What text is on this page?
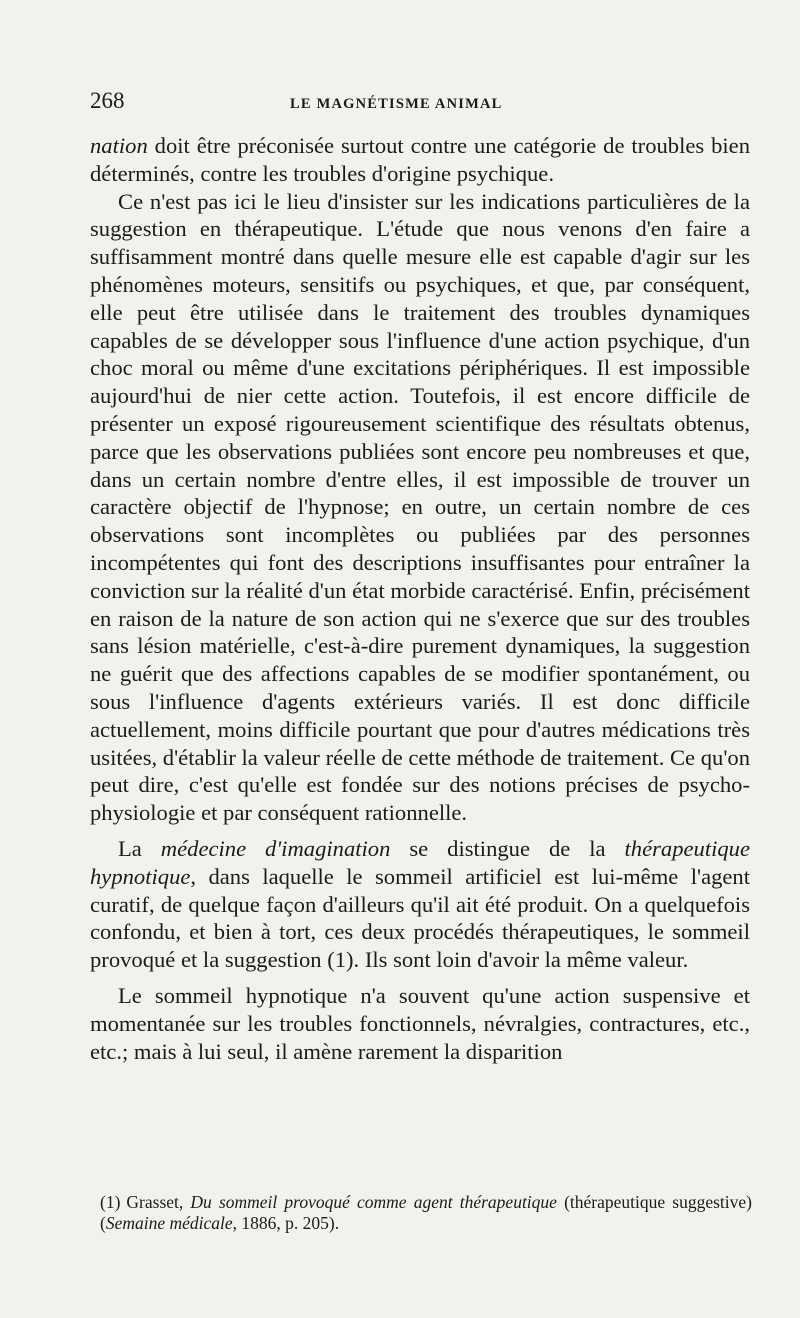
268	LE MAGNÉTISME ANIMAL

nation doit être préconisée surtout contre une catégorie de troubles bien déterminés, contre les troubles d'origine psychique.

Ce n'est pas ici le lieu d'insister sur les indications particulières de la suggestion en thérapeutique. L'étude que nous venons d'en faire a suffisamment montré dans quelle mesure elle est capable d'agir sur les phénomènes moteurs, sensitifs ou psychiques, et que, par conséquent, elle peut être utilisée dans le traitement des troubles dynamiques capables de se développer sous l'influence d'une action psychique, d'un choc moral ou même d'une excitations périphériques. Il est impossible aujourd'hui de nier cette action. Toutefois, il est encore difficile de présenter un exposé rigoureusement scientifique des résultats obtenus, parce que les observations publiées sont encore peu nombreuses et que, dans un certain nombre d'entre elles, il est impossible de trouver un caractère objectif de l'hypnose; en outre, un certain nombre de ces observations sont incomplètes ou publiées par des personnes incompétentes qui font des descriptions insuffisantes pour entraîner la conviction sur la réalité d'un état morbide caractérisé. Enfin, précisément en raison de la nature de son action qui ne s'exerce que sur des troubles sans lésion matérielle, c'est-à-dire purement dynamiques, la suggestion ne guérit que des affections capables de se modifier spontanément, ou sous l'influence d'agents extérieurs variés. Il est donc difficile actuellement, moins difficile pourtant que pour d'autres médications très usitées, d'établir la valeur réelle de cette méthode de traitement. Ce qu'on peut dire, c'est qu'elle est fondée sur des notions précises de psycho-physiologie et par conséquent rationnelle.

La médecine d'imagination se distingue de la thérapeutique hypnotique, dans laquelle le sommeil artificiel est lui-même l'agent curatif, de quelque façon d'ailleurs qu'il ait été produit. On a quelquefois confondu, et bien à tort, ces deux procédés thérapeutiques, le sommeil provoqué et la suggestion (1). Ils sont loin d'avoir la même valeur.

Le sommeil hypnotique n'a souvent qu'une action suspensive et momentanée sur les troubles fonctionnels, névralgies, contractures, etc., etc.; mais à lui seul, il amène rarement la disparition

(1) Grasset, Du sommeil provoqué comme agent thérapeutique (thérapeutique suggestive) (Semaine médicale, 1886, p. 205).
